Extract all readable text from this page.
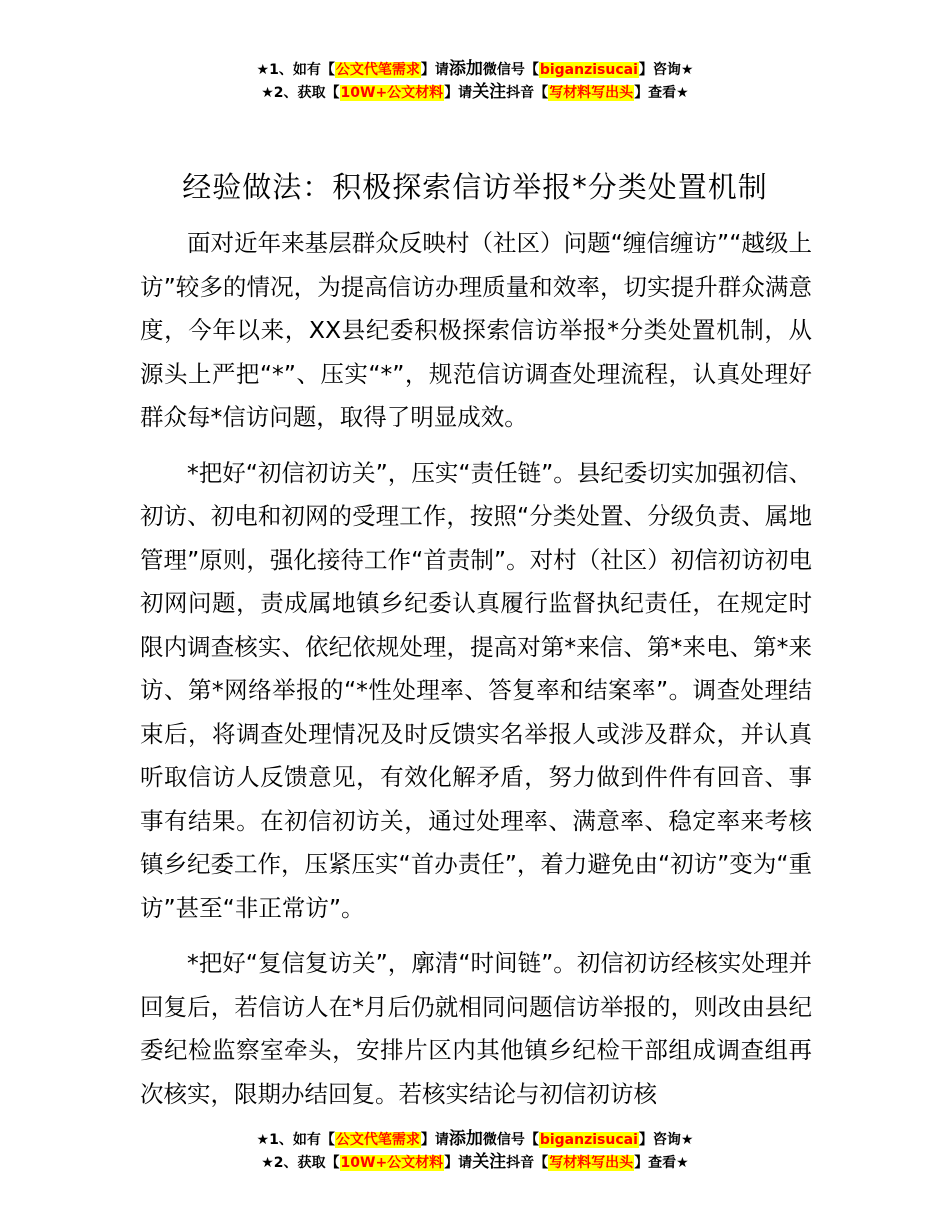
★1、如有【公文代笔需求】请添加微信号【biganzisucai】咨询★
★2、获取【10W+公文材料】请关注抖音【写材料写出头】查看★
经验做法：积极探索信访举报*分类处置机制

面对近年来基层群众反映村（社区）问题“缠信缠访”“越级上访”较多的情况，为提高信访办理质量和效率，切实提升群众满意度，今年以来，XX县纪委积极探索信访举报*分类处置机制，从源头上严把“*”、压实“*”，规范信访调查处理流程，认真处理好群众每*信访问题，取得了明显成效。

*把好“初信初访关”，压实“责任链”。县纪委切实加强初信、初访、初电和初网的受理工作，按照“分类处置、分级负责、属地管理”原则，强化接待工作“首责制”。对村（社区）初信初访初电初网问题，责成属地镇乡纪委认真履行监督执纪责任，在规定时限内调查核实、依纪依规处理，提高对第*来信、第*来电、第*来访、第*网络举报的“*性处理率、答复率和结案率”。调查处理结束后，将调查处理情况及时反馈实名举报人或涉及群众，并认真听取信访人反馈意见，有效化解矛盾，努力做到件件有回音、事事有结果。在初信初访关，通过处理率、满意率、稳定率来考核镇乡纪委工作，压紧压实“首办责任”，着力避免由“初访”变为“重访”甚至“非正常访”。

*把好“复信复访关”，廓清“时间链”。初信初访经核实处理并回复后，若信访人在*月后仍就相同问题信访举报的，则改由县纪委纪检监察室牵头，安排片区内其他镇乡纪检干部组成调查组再次核实，限期办结回复。若核实结论与初信初访核

★1、如有【公文代笔需求】请添加微信号【biganzisucai】咨询★
★2、获取【10W+公文材料】请关注抖音【写材料写出头】查看★
